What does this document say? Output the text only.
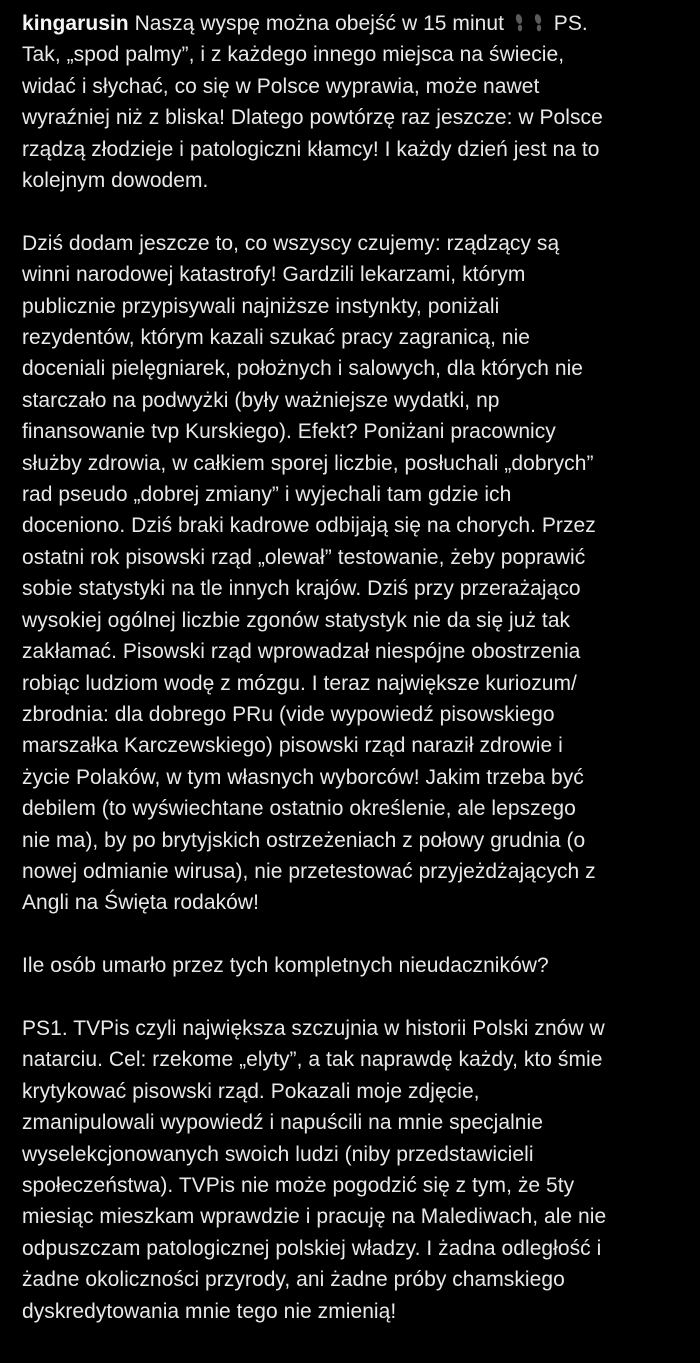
kingarusin Naszą wyspę można obejść w 15 minut PS.
Tak, „spod palmy”, i z każdego innego miejsca na świecie,
widać i słychać, co się w Polsce wyprawia, może nawet
wyraźniej niż z bliska! Dlatego powtórzę raz jeszcze: w Polsce
rządzą złodzieje i patologiczni kłamcy! I każdy dzień jest na to
kolejnym dowodem.
Dziś dodam jeszcze to, co wszyscy czujemy: rządzący są
winni narodowej katastrofy! Gardzili lekarzami, którym
publicznie przypisywali najniższe instynkty, poniżali
rezydentów, którym kazali szukać pracy zagranicą, nie
doceniali pielęgniarek, położnych i salowych, dla których nie
starczało na podwyżki (były ważniejsze wydatki, np
finansowanie tvp Kurskiego). Efekt? Poniżani pracownicy
służby zdrowia, w całkiem sporej liczbie, posłuchali „dobrych”
rad pseudo „dobrej zmiany” i wyjechali tam gdzie ich
doceniono. Dziś braki kadrowe odbijają się na chorych. Przez
ostatni rok pisowski rząd „olewał” testowanie, żeby poprawić
sobie statystyki na tle innych krajów. Dziś przy przerażająco
wysokiej ogólnej liczbie zgonów statystyk nie da się już tak
zakłamać. Pisowski rząd wprowadzał niespójne obostrzenia
robiąc ludziom wodę z mózgu. I teraz największe kuriozum/
zbrodnia: dla dobrego PRu (vide wypowiedź pisowskiego
marszałka Karczewskiego) pisowski rząd naraził zdrowie i
życie Polaków, w tym własnych wyborców! Jakim trzeba być
debilem (to wyświechtane ostatnio określenie, ale lepszego
nie ma), by po brytyjskich ostrzeżeniach z połowy grudnia (o
nowej odmianie wirusa), nie przetestować przyjeżdżających z
Angli na Święta rodaków!
Ile osób umarło przez tych kompletnych nieudaczników?
PS1. TVPis czyli największa szczujnia w historii Polski znów w
natarciu. Cel: rzekome „elyty”, a tak naprawdę każdy, kto śmie
krytykować pisowski rząd. Pokazali moje zdjęcie,
zmanipulowali wypowiedź i napuścili na mnie specjalnie
wyselekcjonowanych swoich ludzi (niby przedstawicieli
społeczeństwa). TVPis nie może pogodzić się z tym, że 5ty
miesiąc mieszkam wprawdzie i pracuję na Malediwach, ale nie
odpuszczam patologicznej polskiej władzy. I żadna odległość i
żadne okoliczności przyrody, ani żadne próby chamskiego
dyskredytowania mnie tego nie zmienią!
